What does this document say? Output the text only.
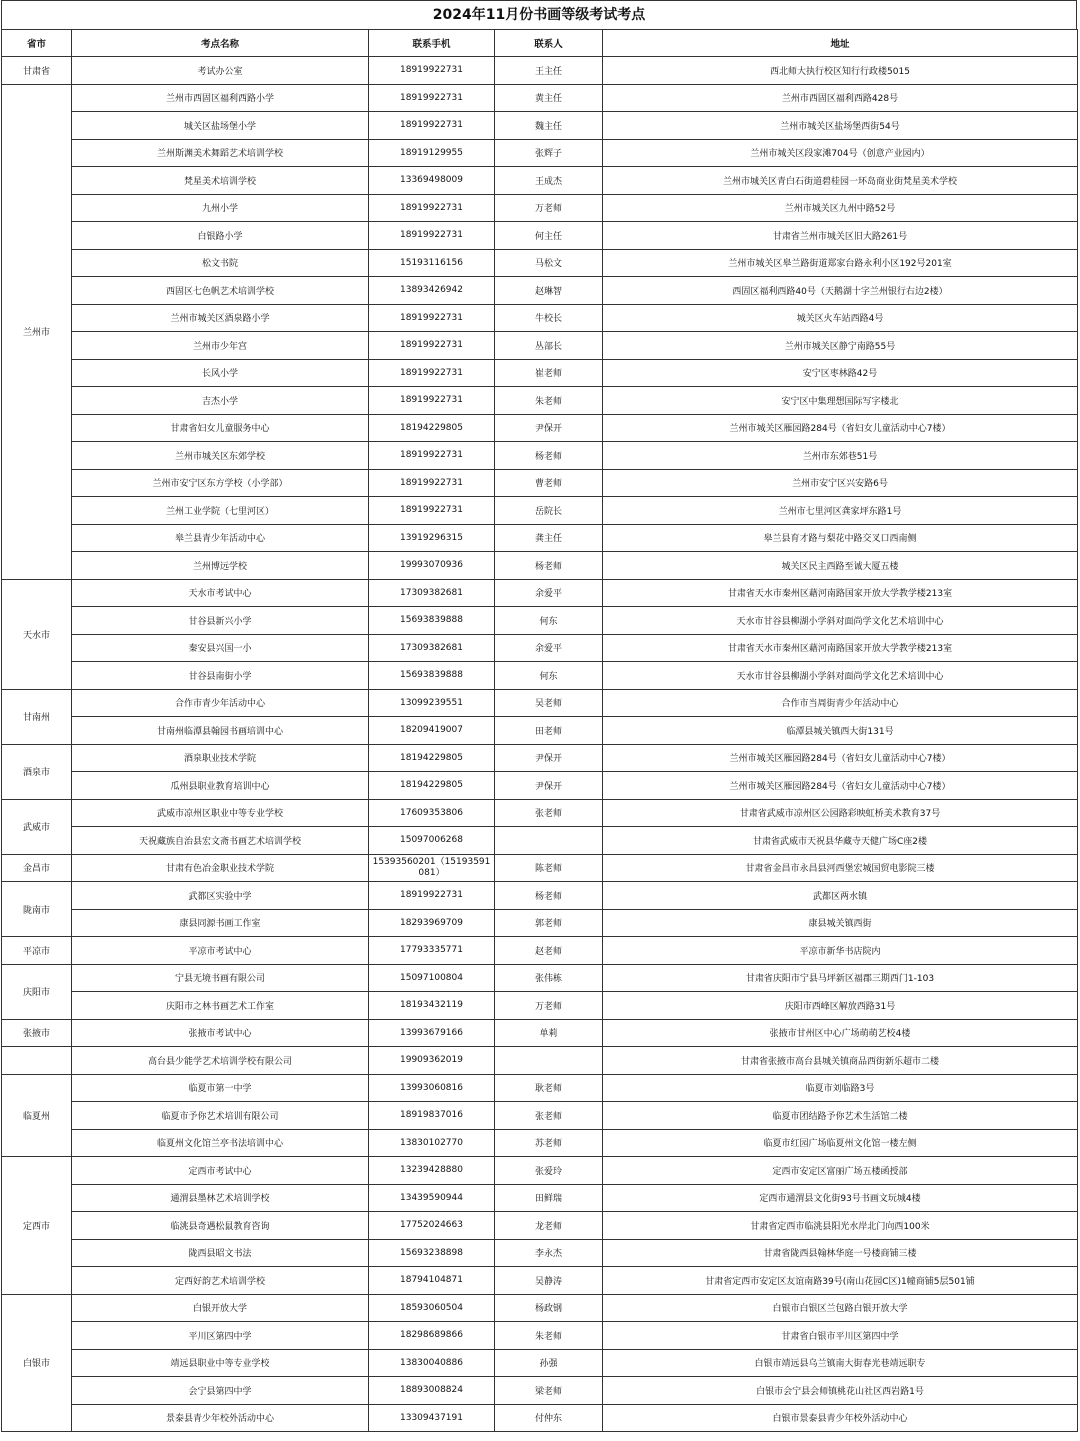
2024年11月份书画等级考试考点
省市	考点名称	联系手机	联系人	地址
甘肃省	考试办公室	18919922731	王主任	西北师大执行校区知行行政楼5015
兰州市	兰州市西固区福利西路小学	18919922731	黄主任	兰州市西固区福利西路428号
	城关区盐场堡小学	18919922731	魏主任	兰州市城关区盐场堡西街54号
	兰州斯渊美术舞蹈艺术培训学校	18919129955	张辉子	兰州市城关区段家滩704号（创意产业园内）
	梵星美术培训学校	13369498009	王成杰	兰州市城关区青白石街道碧桂园一环岛商业街梵星美术学校
	九州小学	18919922731	万老师	兰州市城关区九州中路52号
	白银路小学	18919922731	何主任	甘肃省兰州市城关区旧大路261号
	松文书院	15193116156	马松文	兰州市城关区皋兰路街道郑家台路永利小区192号201室
	西固区七色帆艺术培训学校	13893426942	赵琳智	西固区福利西路40号（天鹅湖十字兰州银行右边2楼）
	兰州市城关区酒泉路小学	18919922731	牛校长	城关区火车站西路4号
	兰州市少年宫	18919922731	丛部长	兰州市城关区静宁南路55号
	长风小学	18919922731	崔老师	安宁区枣林路42号
	吉杰小学	18919922731	朱老师	安宁区中集理想国际写字楼北
	甘肃省妇女儿童服务中心	18194229805	尹保开	兰州市城关区雁园路284号（省妇女儿童活动中心7楼）
	兰州市城关区东郊学校	18919922731	杨老师	兰州市东郊巷51号
	兰州市安宁区东方学校（小学部）	18919922731	曹老师	兰州市安宁区兴安路6号
	兰州工业学院（七里河区）	18919922731	岳院长	兰州市七里河区龚家坪东路1号
	皋兰县青少年活动中心	13919296315	龚主任	皋兰县育才路与梨花中路交叉口西南侧
	兰州博远学校	19993070936	杨老师	城关区民主西路至诚大厦五楼
天水市	天水市考试中心	17309382681	余爱平	甘肃省天水市秦州区藉河南路国家开放大学教学楼213室
	甘谷县新兴小学	15693839888	何东	天水市甘谷县柳湖小学斜对面尚学文化艺术培训中心
	秦安县兴国一小	17309382681	余爱平	甘肃省天水市秦州区藉河南路国家开放大学教学楼213室
	甘谷县南街小学	15693839888	何东	天水市甘谷县柳湖小学斜对面尚学文化艺术培训中心
甘南州	合作市青少年活动中心	13099239551	吴老师	合作市当周街青少年活动中心
	甘南州临潭县翰园书画培训中心	18209419007	田老师	临潭县城关镇西大街131号
酒泉市	酒泉职业技术学院	18194229805	尹保开	兰州市城关区雁园路284号（省妇女儿童活动中心7楼）
	瓜州县职业教育培训中心	18194229805	尹保开	兰州市城关区雁园路284号（省妇女儿童活动中心7楼）
武威市	武威市凉州区职业中等专业学校	17609353806	张老师	甘肃省武威市凉州区公园路彩映虹桥美术教育37号
	天祝藏族自治县宏文斋书画艺术培训学校	15097006268		甘肃省武威市天祝县华藏寺天健广场C座2楼
金昌市	甘肃有色冶金职业技术学院	15393560201（15193591081）	陈老师	甘肃省金昌市永昌县河西堡宏城国贸电影院三楼
陇南市	武都区实验中学	18919922731	杨老师	武都区两水镇
	康县同源书画工作室	18293969709	郭老师	康县城关镇西街
平凉市	平凉市考试中心	17793335771	赵老师	平凉市新华书店院内
庆阳市	宁县无境书画有限公司	15097100804	张伟栋	甘肃省庆阳市宁县马坪新区福郡三期西门1-103
	庆阳市之林书画艺术工作室	18193432119	万老师	庆阳市西峰区解放西路31号
张掖市	张掖市考试中心	13993679166	单莉	张掖市甘州区中心广场萌萌艺校4楼
	高台县少能学艺术培训学校有限公司	19909362019		甘肃省张掖市高台县城关镇商品西街新乐超市二楼
临夏州	临夏市第一中学	13993060816	耿老师	临夏市刘临路3号
	临夏市予你艺术培训有限公司	18919837016	张老师	临夏市团结路予你艺术生活馆二楼
	临夏州文化馆兰亭书法培训中心	13830102770	苏老师	临夏市红园广场临夏州文化馆一楼左侧
定西市	定西市考试中心	13239428880	张爱玲	定西市安定区富丽广场五楼函授部
	通渭县墨林艺术培训学校	13439590944	田鲜瑞	定西市通渭县文化街93号书画文玩城4楼
	临洮县奇遇松鼠教育咨询	17752024663	龙老师	甘肃省定西市临洮县阳光水岸北门向西100米
	陇西县昭文书法	15693238898	李永杰	甘肃省陇西县翰林华庭一号楼商铺三楼
	定西好韵艺术培训学校	18794104871	吴静涛	甘肃省定西市安定区友谊南路39号(南山花园C区)1幢商铺5层501铺
白银市	白银开放大学	18593060504	杨政钢	白银市白银区兰包路白银开放大学
	平川区第四中学	18298689866	朱老师	甘肃省白银市平川区第四中学
	靖远县职业中等专业学校	13830040886	孙强	白银市靖远县乌兰镇南大街春光巷靖远职专
	会宁县第四中学	18893008824	梁老师	白银市会宁县会师镇桃花山社区西岩路1号
	景泰县青少年校外活动中心	13309437191	付仲东	白银市景泰县青少年校外活动中心
